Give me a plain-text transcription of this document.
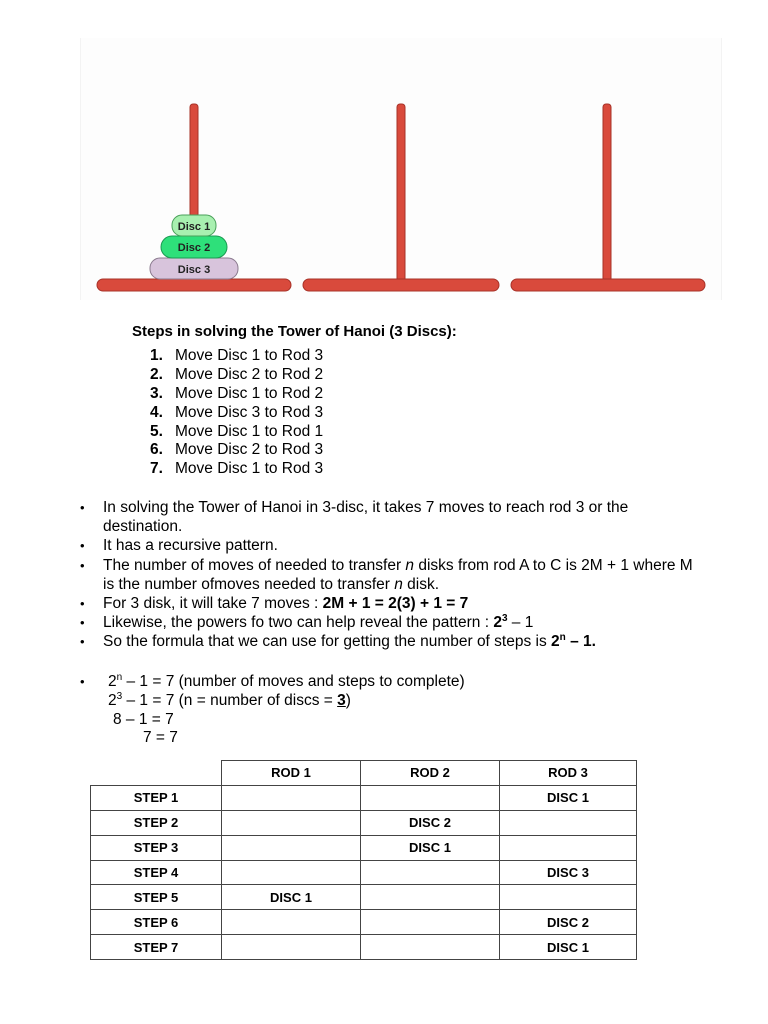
Disc 3
Disc 2
Disc 1
Steps in solving the Tower of Hanoi (3 Discs):
1. Move Disc 1 to Rod 3
2. Move Disc 2 to Rod 2
3. Move Disc 1 to Rod 2
4. Move Disc 3 to Rod 3
5. Move Disc 1 to Rod 1
6. Move Disc 2 to Rod 3
7. Move Disc 1 to Rod 3
• In solving the Tower of Hanoi in 3-disc, it takes 7 moves to reach rod 3 or the destination.
• It has a recursive pattern.
• The number of moves of needed to transfer n disks from rod A to C is 2M + 1 where M is the number ofmoves needed to transfer n disk.
• For 3 disk, it will take 7 moves : 2M + 1 = 2(3) + 1 = 7
• Likewise, the powers fo two can help reveal the pattern : $2^3 - 1$
• So the formula that we can use for getting the number of steps is 2$^n$ – 1.
• 2$^n$ – 1 = 7 (number of moves and steps to complete)
$2^3 - 1 = 7$ (n = number of discs = 3)
8 – 1 = 7
7 = 7
	ROD 1	ROD 2	ROD 3
STEP 1			DISC 1
STEP 2		DISC 2	
STEP 3		DISC 1	
STEP 4			DISC 3
STEP 5	DISC 1		
STEP 6			DISC 2
STEP 7			DISC 1
